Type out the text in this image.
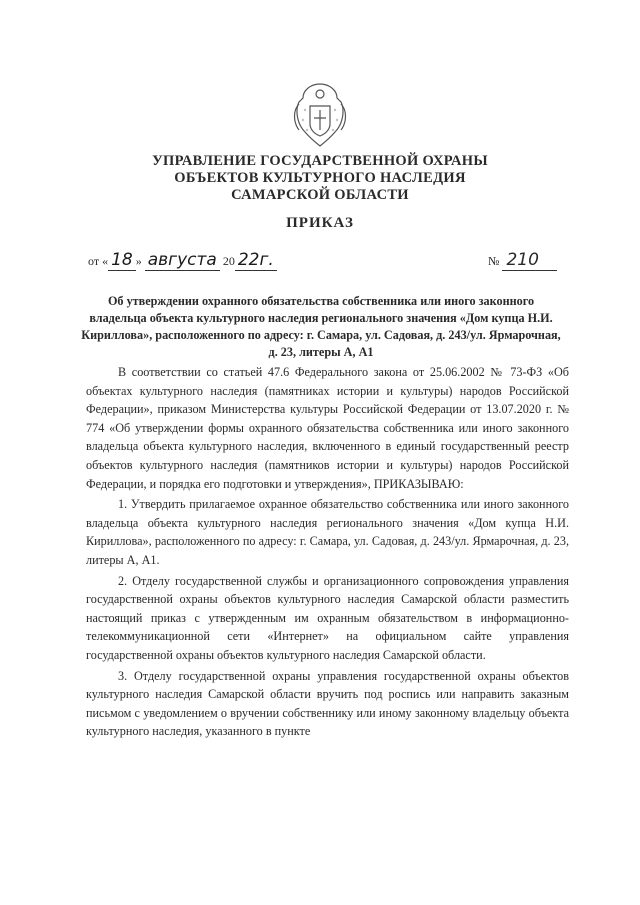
УПРАВЛЕНИЕ ГОСУДАРСТВЕННОЙ ОХРАНЫ
ОБЪЕКТОВ КУЛЬТУРНОГО НАСЛЕДИЯ
САМАРСКОЙ ОБЛАСТИ
ПРИКАЗ
от « 18 » августа 20 22г.	№ 210
Об утверждении охранного обязательства собственника или иного законного владельца объекта культурного наследия регионального значения «Дом купца Н.И. Кириллова», расположенного по адресу: г. Самара, ул. Садовая, д. 243/ул. Ярмарочная, д. 23, литеры А, А1

В соответствии со статьей 47.6 Федерального закона от 25.06.2002 № 73-ФЗ «Об объектах культурного наследия (памятниках истории и культуры) народов Российской Федерации», приказом Министерства культуры Российской Федерации от 13.07.2020 г. № 774 «Об утверждении формы охранного обязательства собственника или иного законного владельца объекта культурного наследия, включенного в единый государственный реестр объектов культурного наследия (памятников истории и культуры) народов Российской Федерации, и порядка его подготовки и утверждения», ПРИКАЗЫВАЮ:

1. Утвердить прилагаемое охранное обязательство собственника или иного законного владельца объекта культурного наследия регионального значения «Дом купца Н.И. Кириллова», расположенного по адресу: г. Самара, ул. Садовая, д. 243/ул. Ярмарочная, д. 23, литеры А, А1.

2. Отделу государственной службы и организационного сопровождения управления государственной охраны объектов культурного наследия Самарской области разместить настоящий приказ с утвержденным им охранным обязательством в информационно-телекоммуникационной сети «Интернет» на официальном сайте управления государственной охраны объектов культурного наследия Самарской области.

3. Отделу государственной охраны управления государственной охраны объектов культурного наследия Самарской области вручить под роспись или направить заказным письмом с уведомлением о вручении собственнику или иному законному владельцу объекта культурного наследия, указанного в пункте
